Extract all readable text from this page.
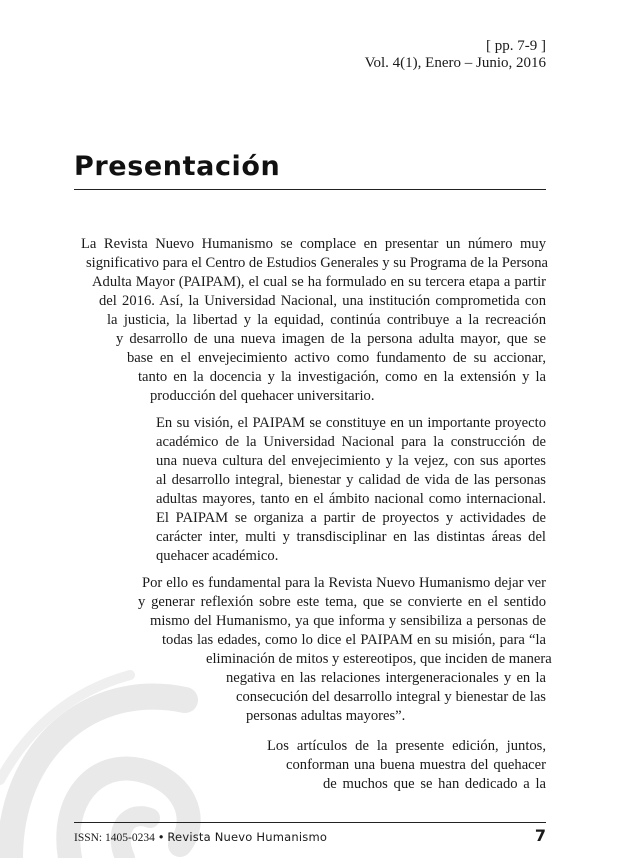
[ pp. 7-9 ]
Vol. 4(1), Enero – Junio, 2016
Presentación
La Revista Nuevo Humanismo se complace en presentar un número muy
significativo para el Centro de Estudios Generales y su Programa de la Persona
Adulta Mayor (PAIPAM), el cual se ha formulado en su tercera etapa a partir
del 2016. Así, la Universidad Nacional, una institución comprometida con
la justicia, la libertad y la equidad, continúa contribuye a la recreación
y desarrollo de una nueva imagen de la persona adulta mayor, que se
base en el envejecimiento activo como fundamento de su accionar,
tanto en la docencia y la investigación, como en la extensión y la
producción del quehacer universitario.
En su visión, el PAIPAM se constituye en un importante proyecto
académico de la Universidad Nacional para la construcción de
una nueva cultura del envejecimiento y la vejez, con sus aportes
al desarrollo integral, bienestar y calidad de vida de las personas
adultas mayores, tanto en el ámbito nacional como internacional.
El PAIPAM se organiza a partir de proyectos y actividades de
carácter inter, multi y transdisciplinar en las distintas áreas del
quehacer académico.
Por ello es fundamental para la Revista Nuevo Humanismo dejar ver
y generar reflexión sobre este tema, que se convierte en el sentido
mismo del Humanismo, ya que informa y sensibiliza a personas de
todas las edades, como lo dice el PAIPAM en su misión, para “la
eliminación de mitos y estereotipos, que inciden de manera
negativa en las relaciones intergeneracionales y en la
consecución del desarrollo integral y bienestar de las
personas adultas mayores”.
Los artículos de la presente edición, juntos,
conforman una buena muestra del quehacer
de muchos que se han dedicado a la
ISSN: 1405-0234 • Revista Nuevo Humanismo	7
